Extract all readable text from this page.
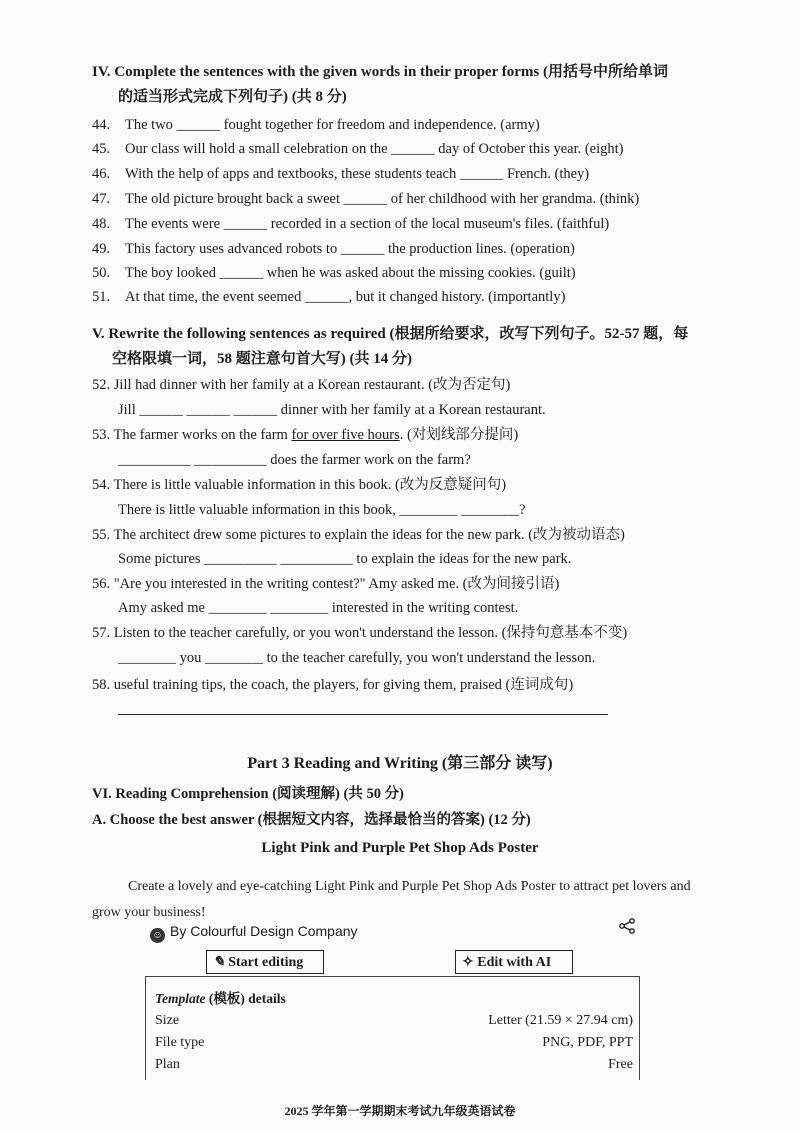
IV. Complete the sentences with the given words in their proper forms (用括号中所给单词
的适当形式完成下列句子) (共 8 分)
44. The two ______ fought together for freedom and independence. (army)
45. Our class will hold a small celebration on the ______ day of October this year. (eight)
46. With the help of apps and textbooks, these students teach ______ French. (they)
47. The old picture brought back a sweet ______ of her childhood with her grandma. (think)
48. The events were ______ recorded in a section of the local museum's files. (faithful)
49. This factory uses advanced robots to ______ the production lines. (operation)
50. The boy looked ______ when he was asked about the missing cookies. (guilt)
51. At that time, the event seemed ______, but it changed history. (importantly)
V. Rewrite the following sentences as required (根据所给要求，改写下列句子。52-57 题，每
空格限填一词，58 题注意句首大写) (共 14 分)
52. Jill had dinner with her family at a Korean restaurant. (改为否定句)
Jill ______ ______ ______ dinner with her family at a Korean restaurant.
53. The farmer works on the farm for over five hours. (对划线部分提问)
__________ __________ does the farmer work on the farm?
54. There is little valuable information in this book. (改为反意疑问句)
There is little valuable information in this book, ________ ________?
55. The architect drew some pictures to explain the ideas for the new park. (改为被动语态)
Some pictures __________ __________ to explain the ideas for the new park.
56. "Are you interested in the writing contest?" Amy asked me. (改为间接引语)
Amy asked me ________ ________ interested in the writing contest.
57. Listen to the teacher carefully, or you won't understand the lesson. (保持句意基本不变)
________ you ________ to the teacher carefully, you won't understand the lesson.
58. useful training tips, the coach, the players, for giving them, praised (连词成句)
Part 3 Reading and Writing (第三部分 读写)
VI. Reading Comprehension (阅读理解) (共 50 分)
A. Choose the best answer (根据短文内容，选择最恰当的答案) (12 分)
Light Pink and Purple Pet Shop Ads Poster
Create a lovely and eye-catching Light Pink and Purple Pet Shop Ads Poster to attract pet lovers and grow your business!
☺ By Colourful Design Company
✎ Start editing	✧ Edit with AI
Template (模板) details
Size	Letter (21.59 × 27.94 cm)
File type	PNG, PDF, PPT
Plan	Free
2025 学年第一学期期末考试九年级英语试卷
